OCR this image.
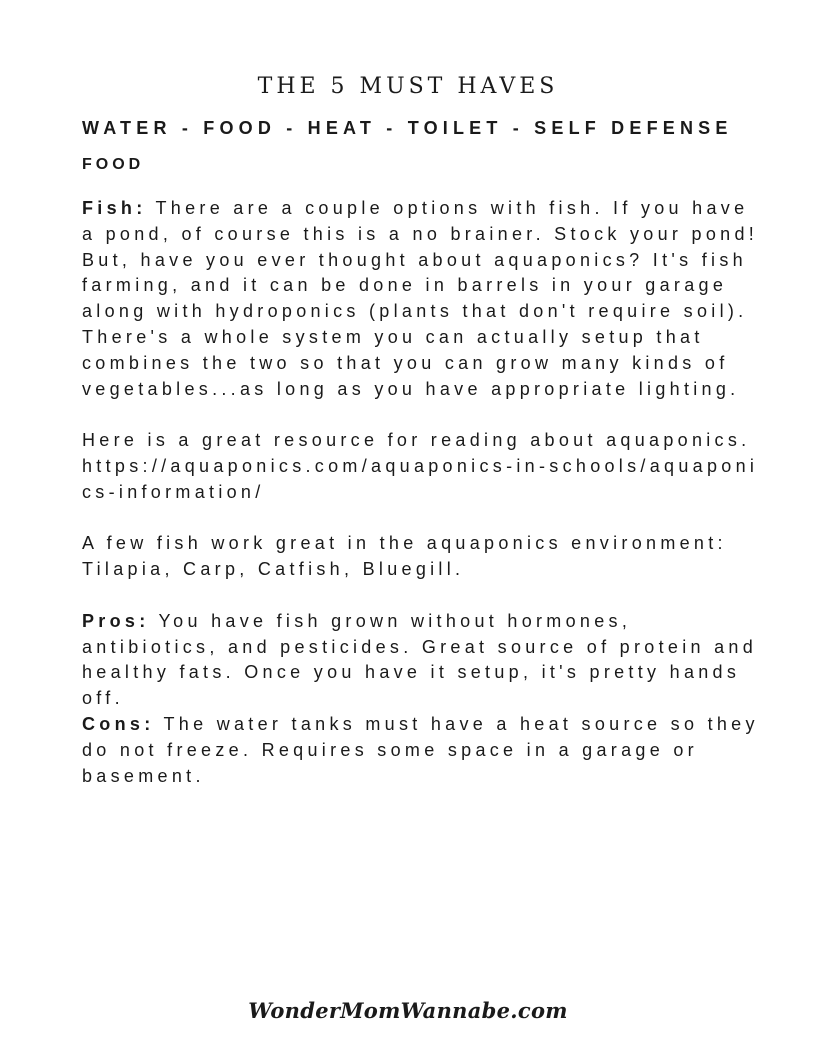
THE 5 MUST HAVES
WATER - FOOD - HEAT - TOILET - SELF DEFENSE
FOOD

Fish: There are a couple options with fish. If you have a pond, of course this is a no brainer. Stock your pond! But, have you ever thought about aquaponics? It's fish farming, and it can be done in barrels in your garage along with hydroponics (plants that don't require soil). There's a whole system you can actually setup that combines the two so that you can grow many kinds of vegetables...as long as you have appropriate lighting.

Here is a great resource for reading about aquaponics. https://aquaponics.com/aquaponics-in-schools/aquaponics-information/

A few fish work great in the aquaponics environment: Tilapia, Carp, Catfish, Bluegill.

Pros: You have fish grown without hormones, antibiotics, and pesticides. Great source of protein and healthy fats. Once you have it setup, it's pretty hands off.

Cons: The water tanks must have a heat source so they do not freeze. Requires some space in a garage or basement.

WonderMomWannabe.com
